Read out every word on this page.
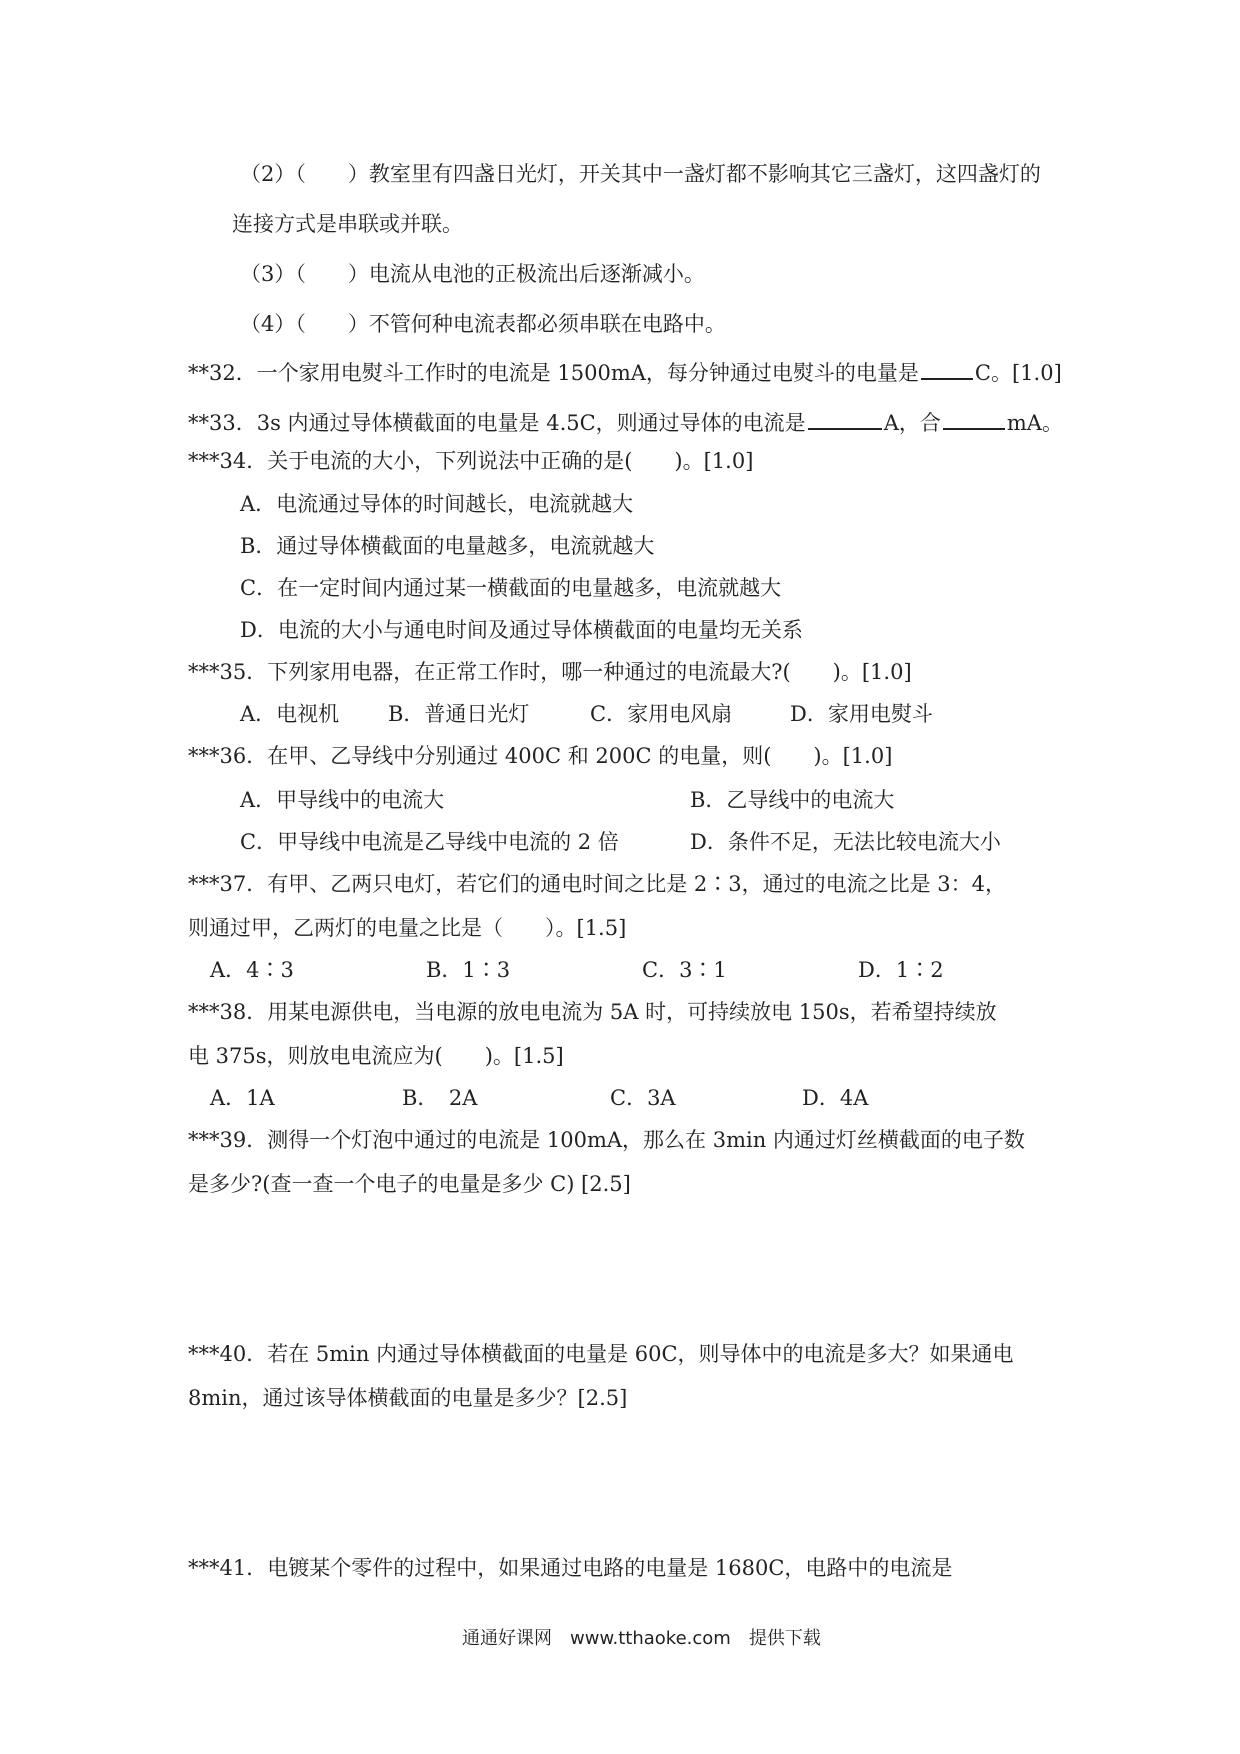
（2）（　　）教室里有四盏日光灯，开关其中一盏灯都不影响其它三盏灯，这四盏灯的
连接方式是串联或并联。
（3）（　　）电流从电池的正极流出后逐渐减小。
（4）（　　）不管何种电流表都必须串联在电路中。
**32．一个家用电熨斗工作时的电流是 1500mA，每分钟通过电熨斗的电量是	C。[1.0]
**33．3s 内通过导体横截面的电量是 4.5C，则通过导体的电流是	A，合	mA。
***34．关于电流的大小，下列说法中正确的是(　　)。[1.0]
A．电流通过导体的时间越长，电流就越大
B．通过导体横截面的电量越多，电流就越大
C．在一定时间内通过某一横截面的电量越多，电流就越大
D．电流的大小与通电时间及通过导体横截面的电量均无关系
***35．下列家用电器，在正常工作时，哪一种通过的电流最大?(　　)。[1.0]
A．电视机 B．普通日光灯	C．家用电风扇	D．家用电熨斗
***36．在甲、乙导线中分别通过 400C 和 200C 的电量，则(　　)。[1.0]
A．甲导线中的电流大	B．乙导线中的电流大
C．甲导线中电流是乙导线中电流的 2 倍	D．条件不足，无法比较电流大小
***37．有甲、乙两只电灯，若它们的通电时间之比是 2∶3，通过的电流之比是 3：4，
则通过甲，乙两灯的电量之比是（　　）。[1.5]
A．4∶3	B．1∶3	C．3∶1	D．1∶2
***38．用某电源供电，当电源的放电电流为 5A 时，可持续放电 150s，若希望持续放
电 375s，则放电电流应为(　　)。[1.5]
A．1A	B．　2A	C．3A	D．4A
***39．测得一个灯泡中通过的电流是 100mA，那么在 3min 内通过灯丝横截面的电子数
是多少?(查一查一个电子的电量是多少 C) [2.5]
***40．若在 5min 内通过导体横截面的电量是 60C，则导体中的电流是多大？如果通电
8min，通过该导体横截面的电量是多少？[2.5]
***41．电镀某个零件的过程中，如果通过电路的电量是 1680C，电路中的电流是
通通好课网　www.tthaoke.com　提供下载
